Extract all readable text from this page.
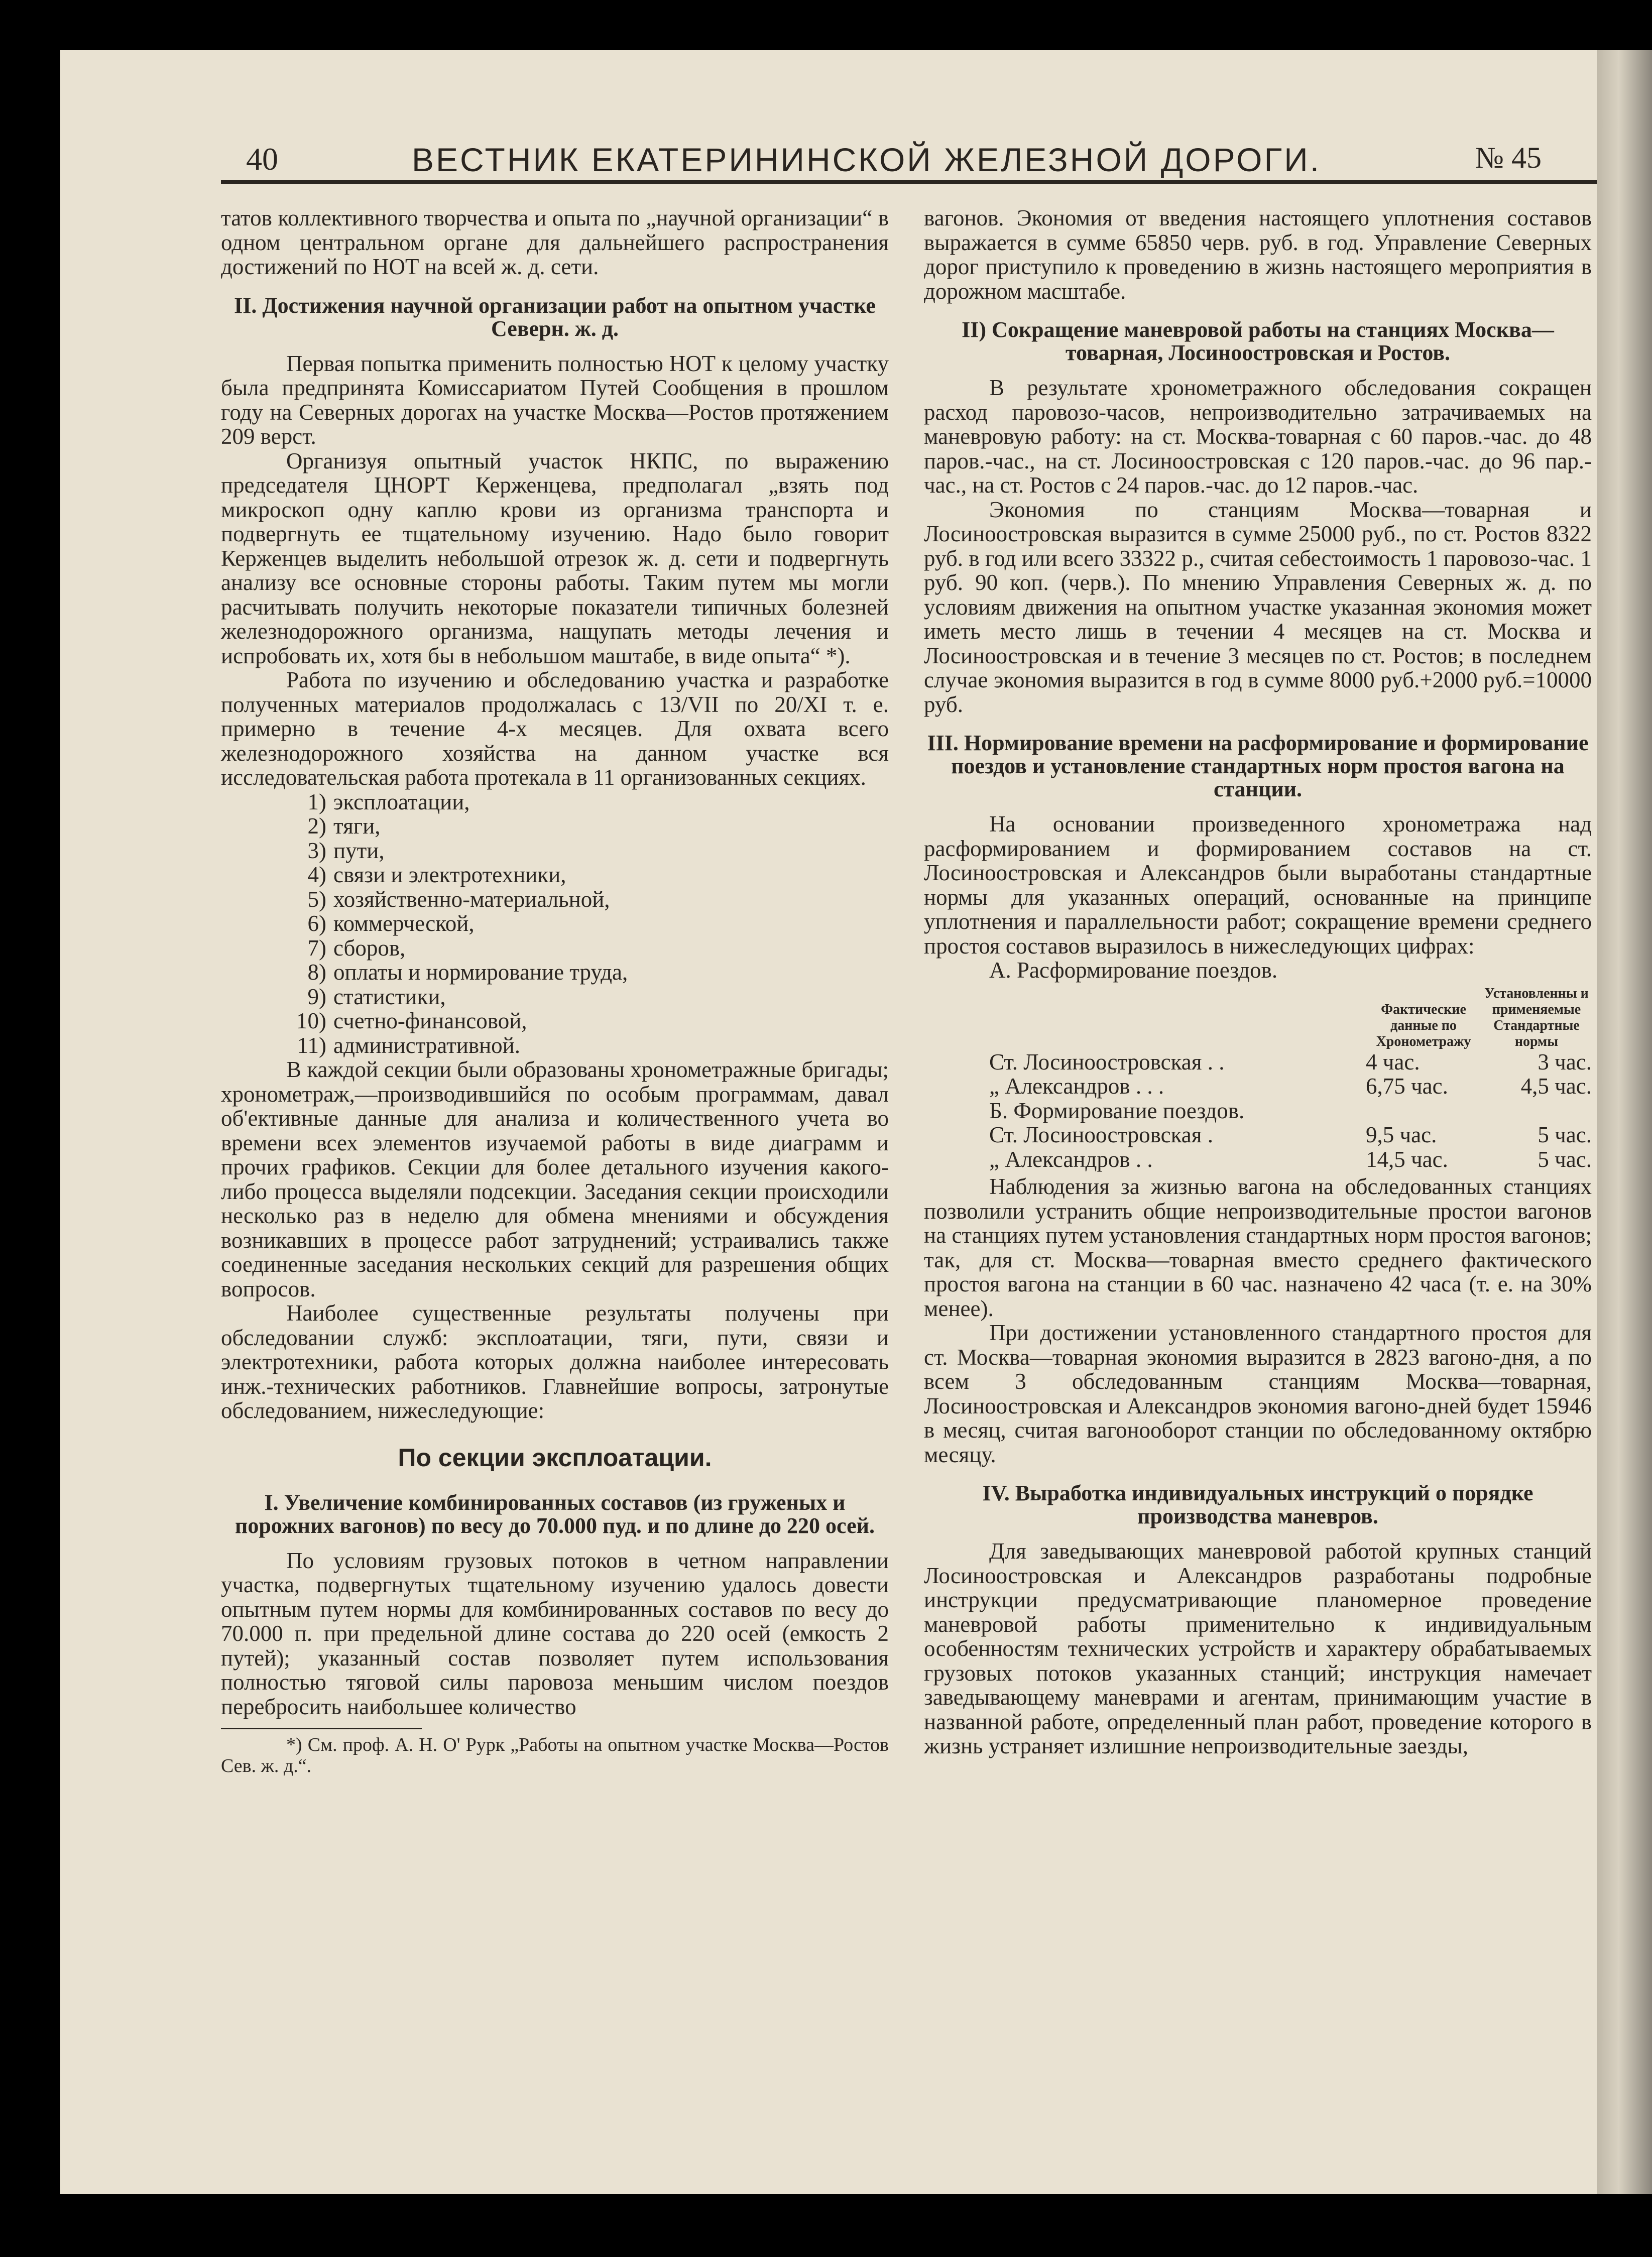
40	ВЕСТНИК ЕКАТЕРИНИНСКОЙ ЖЕЛЕЗНОЙ ДОРОГИ.	№ 45

татов коллективного творчества и опыта по „научной организации“ в одном центральном органе для дальнейшего распространения достижений по НОТ на всей ж. д. сети.

II. Достижения научной организации работ на опытном участке Северн. ж. д.

Первая попытка применить полностью НОТ к целому участку была предпринята Комиссариатом Путей Сообщения в прошлом году на Северных дорогах на участке Москва—Ростов протяжением 209 верст.

Организуя опытный участок НКПС, по выражению председателя ЦНОРТ Керженцева, предполагал „взять под микроскоп одну каплю крови из организма транспорта и подвергнуть ее тщательному изучению. Надо было говорит Керженцев выделить небольшой отрезок ж. д. сети и подвергнуть анализу все основные стороны работы. Таким путем мы могли расчитывать получить некоторые показатели типичных болезней железнодорожного организма, нащупать методы лечения и испробовать их, хотя бы в небольшом маштабе, в виде опыта“ *).

Работа по изучению и обследованию участка и разработке полученных материалов продолжалась с 13/VII по 20/XI т. е. примерно в течение 4-х месяцев. Для охвата всего железнодорожного хозяйства на данном участке вся исследовательская работа протекала в 11 организованных секциях.

1) эксплоатации,
2) тяги,
3) пути,
4) связи и электротехники,
5) хозяйственно-материальной,
6) коммерческой,
7) сборов,
8) оплаты и нормирование труда,
9) статистики,
10) счетно-финансовой,
11) административной.

В каждой секции были образованы хронометражные бригады; хронометраж,—производившийся по особым программам, давал об'ективные данные для анализа и количественного учета во времени всех элементов изучаемой работы в виде диаграмм и прочих графиков. Секции для более детального изучения какого-либо процесса выделяли подсекции. Заседания секции происходили несколько раз в неделю для обмена мнениями и обсуждения возникавших в процессе работ затруднений; устраивались также соединенные заседания нескольких секций для разрешения общих вопросов.

Наиболее существенные результаты получены при обследовании служб: эксплоатации, тяги, пути, связи и электротехники, работа которых должна наиболее интересовать инж.-технических работников. Главнейшие вопросы, затронутые обследованием, нижеследующие:

По секции эксплоатации.
I. Увеличение комбинированных составов (из груженых и порожних вагонов) по весу до 70.000 пуд. и по длине до 220 осей.

По условиям грузовых потоков в четном направлении участка, подвергнутых тщательному изучению удалось довести опытным путем нормы для комбинированных составов по весу до 70.000 п. при предельной длине состава до 220 осей (емкость 2 путей); указанный состав позволяет путем использования полностью тяговой силы паровоза меньшим числом поездов перебросить наибольшее количество

*) См. проф. А. Н. О' Рурк „Работы на опытном участке Москва—Ростов Сев. ж. д.“.

вагонов. Экономия от введения настоящего уплотнения составов выражается в сумме 65850 черв. руб. в год. Управление Северных дорог приступило к проведению в жизнь настоящего мероприятия в дорожном масштабе.

II) Сокращение маневровой работы на станциях Москва—товарная, Лосиноостровская и Ростов.

В результате хронометражного обследования сокращен расход паровозо-часов, непроизводительно затрачиваемых на маневровую работу: на ст. Москва-товарная с 60 паров.-час. до 48 паров.-час., на ст. Лосиноостровская с 120 паров.-час. до 96 пар.-час., на ст. Ростов с 24 паров.-час. до 12 паров.-час.

Экономия по станциям Москва—товарная и Лосиноостровская выразится в сумме 25000 руб., по ст. Ростов 8322 руб. в год или всего 33322 р., считая себестоимость 1 паровозо-час. 1 руб. 90 коп. (черв.). По мнению Управления Северных ж. д. по условиям движения на опытном участке указанная экономия может иметь место лишь в течении 4 месяцев на ст. Москва и Лосиноостровская и в течение 3 месяцев по ст. Ростов; в последнем случае экономия выразится в год в сумме 8000 руб.+2000 руб.=10000 руб.

III. Нормирование времени на расформирование и формирование поездов и установление стандартных норм простоя вагона на станции.

На основании произведенного хронометража над расформированием и формированием составов на ст. Лосиноостровская и Александров были выработаны стандартные нормы для указанных операций, основанные на принципе уплотнения и параллельности работ; сокращение времени среднего простоя составов выразилось в нижеследующих цифрах:

А. Расформирование поездов.

	Фактические данные по Хронометражу	Установленны и применяемые Стандартные нормы
Ст. Лосиноостровская . .	4 час.	3 час.
„ Александров . . .	6,75 час.	4,5 час.
Б. Формирование поездов.		
Ст. Лосиноостровская .	9,5 час.	5 час.
„ Александров . .	14,5 час.	5 час.

Наблюдения за жизнью вагона на обследованных станциях позволили устранить общие непроизводительные простои вагонов на станциях путем установления стандартных норм простоя вагонов; так, для ст. Москва—товарная вместо среднего фактического простоя вагона на станции в 60 час. назначено 42 часа (т. е. на 30% менее).

При достижении установленного стандартного простоя для ст. Москва—товарная экономия выразится в 2823 вагоно-дня, а по всем 3 обследованным станциям Москва—товарная, Лосиноостровская и Александров экономия вагоно-дней будет 15946 в месяц, считая вагонооборот станции по обследованному октябрю месяцу.

IV. Выработка индивидуальных инструкций о порядке производства маневров.

Для заведывающих маневровой работой крупных станций Лосиноостровская и Александров разработаны подробные инструкции предусматривающие планомерное проведение маневровой работы применительно к индивидуальным особенностям технических устройств и характеру обрабатываемых грузовых потоков указанных станций; инструкция намечает заведывающему маневрами и агентам, принимающим участие в названной работе, определенный план работ, проведение которого в жизнь устраняет излишние непроизводительные заезды,
